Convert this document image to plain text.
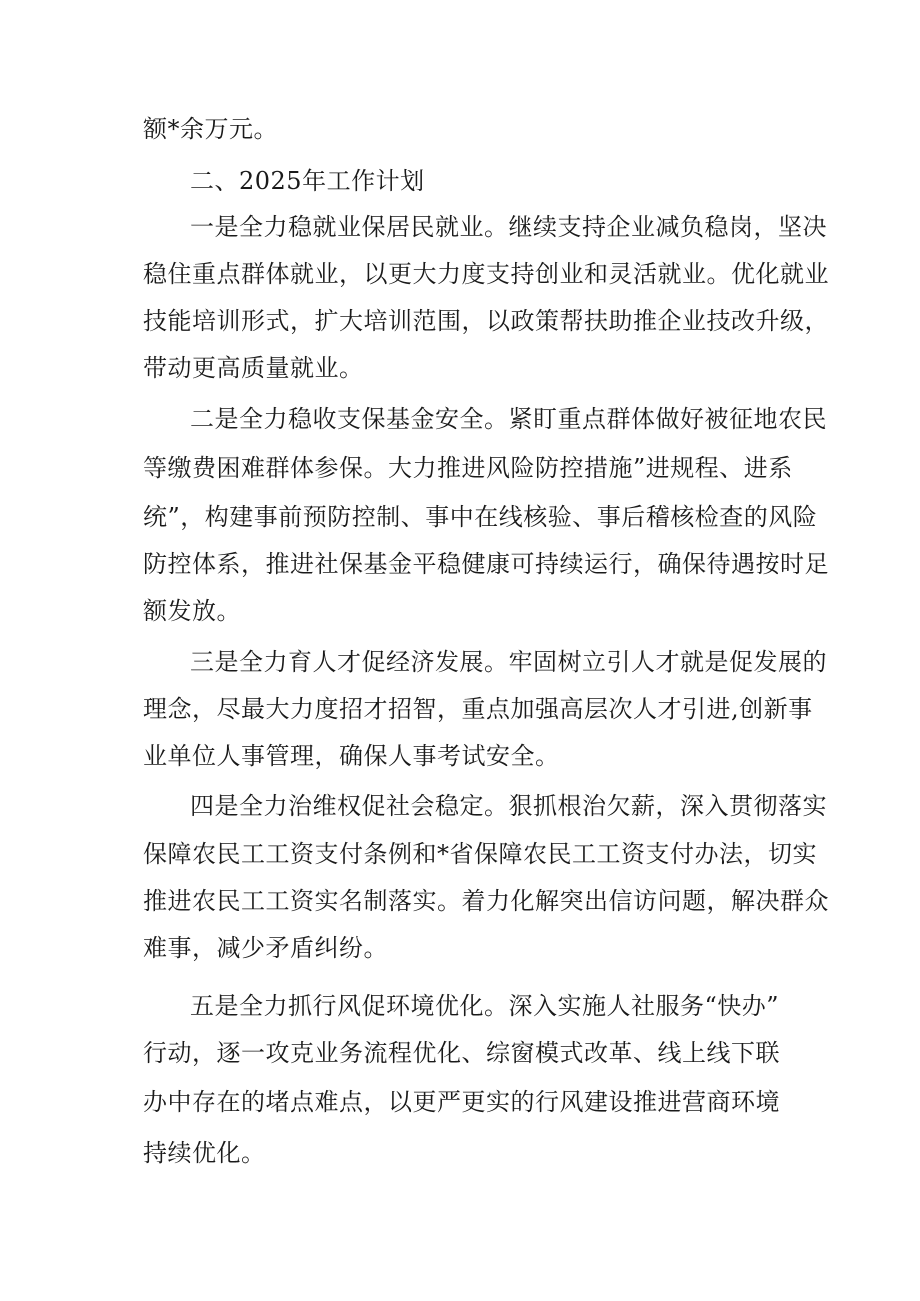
额*余万元。

二、2025年工作计划

一是全力稳就业保居民就业。继续支持企业减负稳岗，坚决

稳住重点群体就业，以更大力度支持创业和灵活就业。优化就业

技能培训形式，扩大培训范围，以政策帮扶助推企业技改升级，

带动更高质量就业。

二是全力稳收支保基金安全。紧盯重点群体做好被征地农民

等缴费困难群体参保。大力推进风险防控措施”进规程、进系

统”，构建事前预防控制、事中在线核验、事后稽核检查的风险

防控体系，推进社保基金平稳健康可持续运行，确保待遇按时足

额发放。

三是全力育人才促经济发展。牢固树立引人才就是促发展的

理念，尽最大力度招才招智，重点加强高层次人才引进,创新事

业单位人事管理，确保人事考试安全。

四是全力治维权促社会稳定。狠抓根治欠薪，深入贯彻落实

保障农民工工资支付条例和*省保障农民工工资支付办法，切实

推进农民工工资实名制落实。着力化解突出信访问题，解决群众

难事，减少矛盾纠纷。

五是全力抓行风促环境优化。深入实施人社服务“快办”

行动，逐一攻克业务流程优化、综窗模式改革、线上线下联

办中存在的堵点难点，以更严更实的行风建设推进营商环境

持续优化。
